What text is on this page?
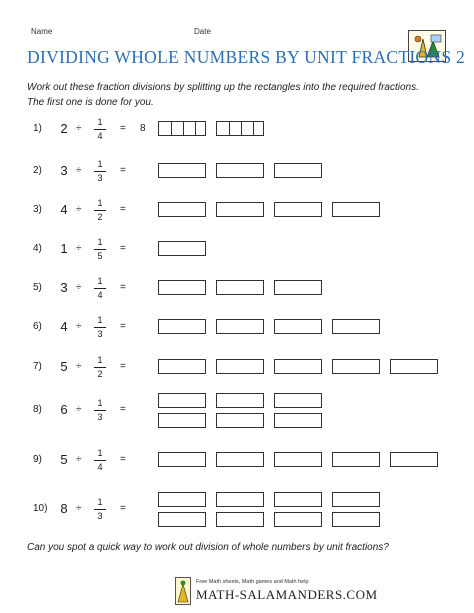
Name	Date
DIVIDING WHOLE NUMBERS BY UNIT FRACTIONS 2
Work out these fraction divisions by splitting up the rectangles into the required fractions.
The first one is done for you.
1)	2 ÷
1
4
= 8
2)	3 ÷
1
3
=
3)	4 ÷
1
2
=
4)	1 ÷
1
5
=
5)	3 ÷
1
4
=
6)	4 ÷
1
3
=
7)	5 ÷
1
2
=
8)	6 ÷
1
3
=
9)	5 ÷
1
4
=
10) 8 ÷
1
3
=
Can you spot a quick way to work out division of whole numbers by unit fractions?
Free Math sheets, Math games and Math help
MATH-SALAMANDERS.COM
